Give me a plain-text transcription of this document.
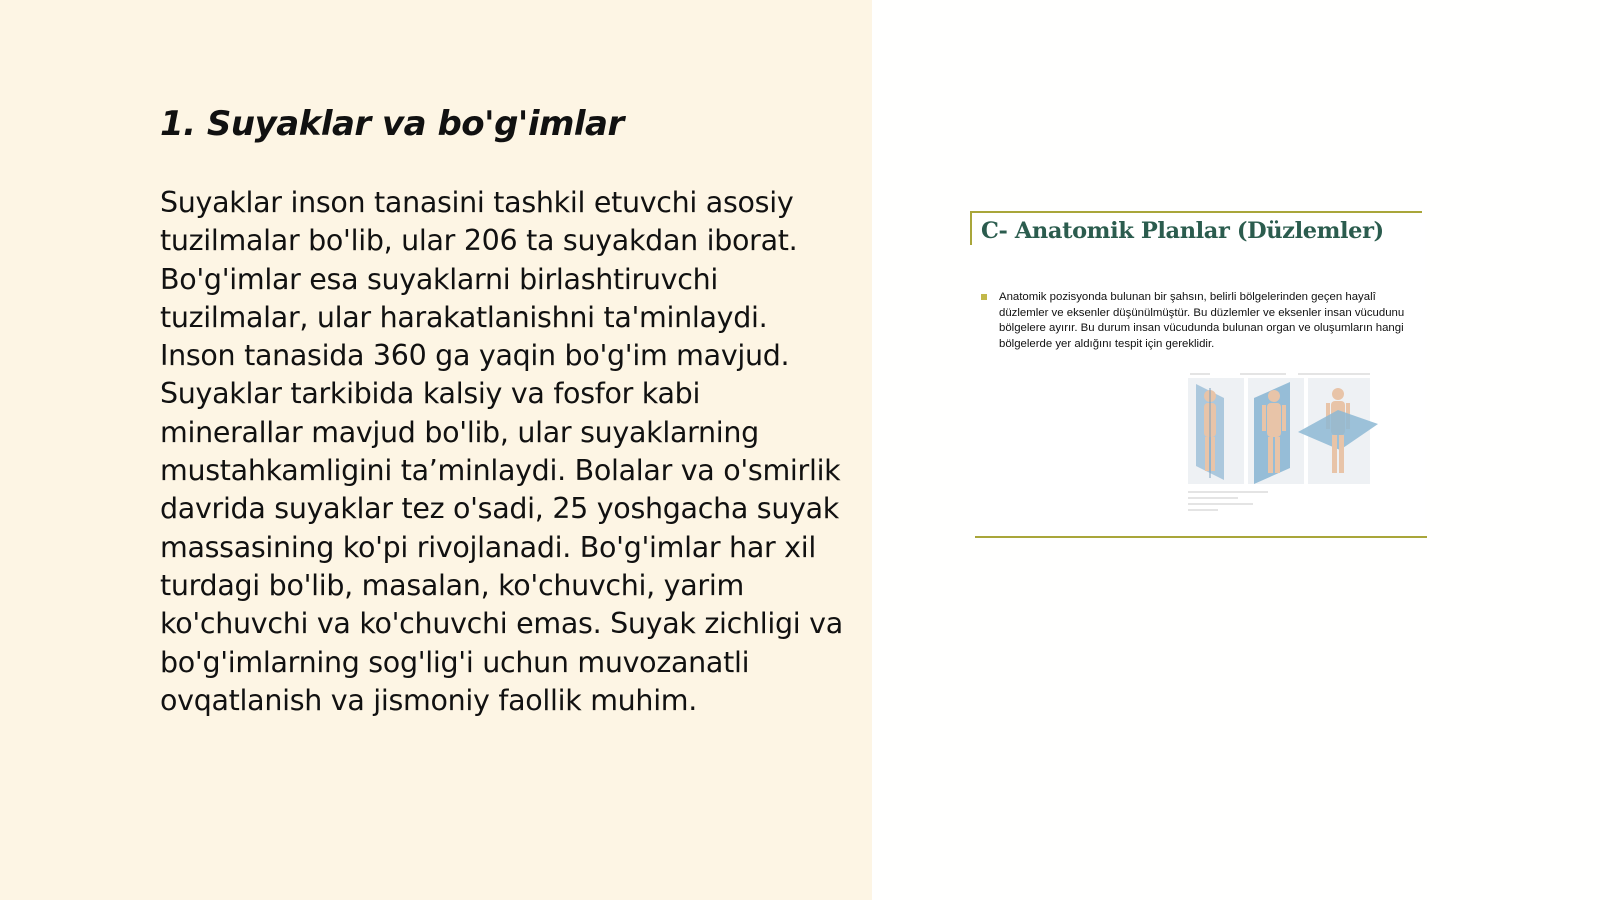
1. Suyaklar va bo'g'imlar

Suyaklar inson tanasini tashkil etuvchi asosiy tuzilmalar bo'lib, ular 206 ta suyakdan iborat. Bo'g'imlar esa suyaklarni birlashtiruvchi tuzilmalar, ular harakatlanishni ta'minlaydi. Inson tanasida 360 ga yaqin bo'g'im mavjud. Suyaklar tarkibida kalsiy va fosfor kabi minerallar mavjud bo'lib, ular suyaklarning mustahkamligini ta’minlaydi. Bolalar va o'smirlik davrida suyaklar tez o'sadi, 25 yoshgacha suyak massasining ko'pi rivojlanadi. Bo'g'imlar har xil turdagi bo'lib, masalan, ko'chuvchi, yarim ko'chuvchi va ko'chuvchi emas. Suyak zichligi va bo'g'imlarning sog'lig'i uchun muvozanatli ovqatlanish va jismoniy faollik muhim.

C- Anatomik Planlar (Düzlemler)
Anatomik pozisyonda bulunan bir şahsın, belirli bölgelerinden geçen hayalî düzlemler ve eksenler düşünülmüştür. Bu düzlemler ve eksenler insan vücudunu bölgelere ayırır. Bu durum insan vücudunda bulunan organ ve oluşumların hangi bölgelerde yer aldığını tespit için gereklidir.
